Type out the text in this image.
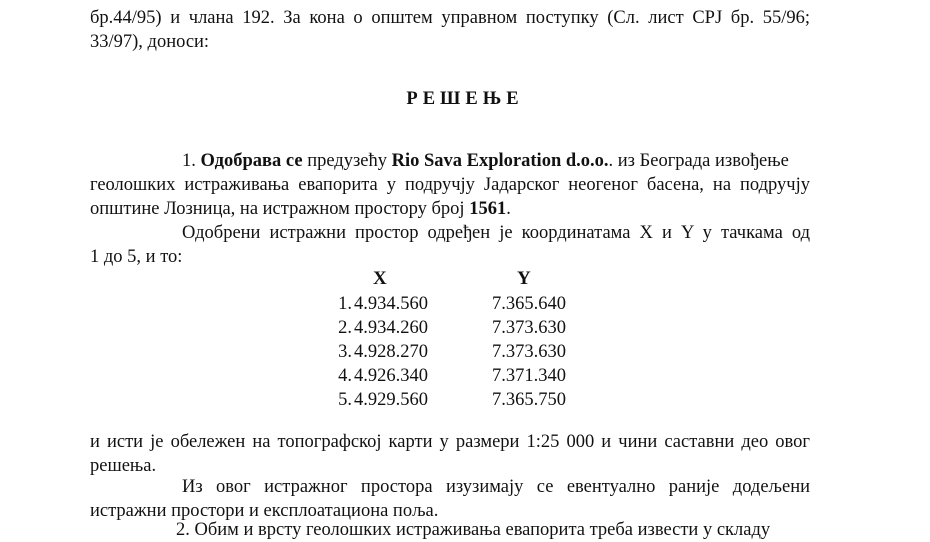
бр.44/95) и члана 192. За кона о општем управном поступку (Сл. лист СРЈ бр. 55/96;
33/97), доноси:
РЕШЕЊЕ
1. Одобрава се предузећу Rio Sava Exploration d.o.o.. из Београда извођење
геолошких истраживања евапорита у подручју Јадарског неогеног басена, на подручју
општине Лозница, на истражном простору број 1561.
Одобрени истражни простор одређен је координатама X и Y у тачкама од
1 до 5, и то:
X	Y
1. 4.934.560	7.365.640
2. 4.934.260	7.373.630
3. 4.928.270	7.373.630
4. 4.926.340	7.371.340
5. 4.929.560	7.365.750
и исти је обележен на топографској карти у размери 1:25 000 и чини саставни део овог
решења.
Из овог истражног простора изузимају се евентуално раније додељени
истражни простори и експлоатациона поља.
2. Обим и врсту геолошких истраживања евапорита треба извести у складу
